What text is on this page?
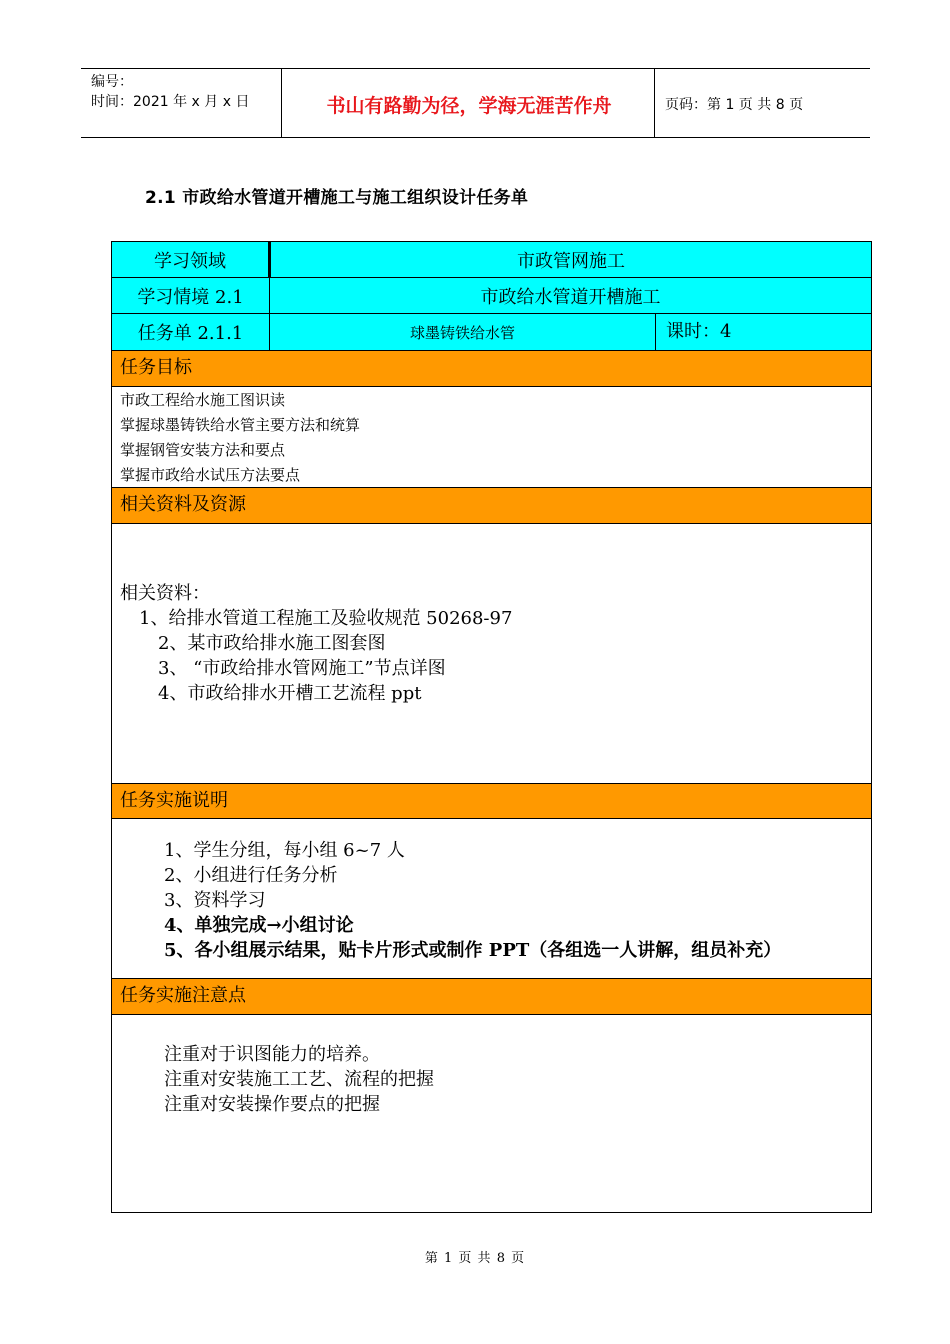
编号：
时间：2021 年 x 月 x 日	书山有路勤为径，学海无涯苦作舟	页码：第 1 页 共 8 页
2.1 市政给水管道开槽施工与施工组织设计任务单
学习领域	市政管网施工
学习情境 2.1	市政给水管道开槽施工
任务单 2.1.1	球墨铸铁给水管	课时：4
任务目标
市政工程给水施工图识读
掌握球墨铸铁给水管主要方法和统算
掌握钢管安装方法和要点
掌握市政给水试压方法要点
相关资料及资源
相关资料：
1、给排水管道工程施工及验收规范 50268-97
2、某市政给排水施工图套图
3、 “市政给排水管网施工”节点详图
4、市政给排水开槽工艺流程 ppt
任务实施说明
1、学生分组，每小组 6~7 人
2、小组进行任务分析
3、资料学习
4、单独完成→小组讨论
5、各小组展示结果，贴卡片形式或制作 PPT（各组选一人讲解，组员补充）
任务实施注意点
注重对于识图能力的培养。
注重对安装施工工艺、流程的把握
注重对安装操作要点的把握
第 1 页 共 8 页
